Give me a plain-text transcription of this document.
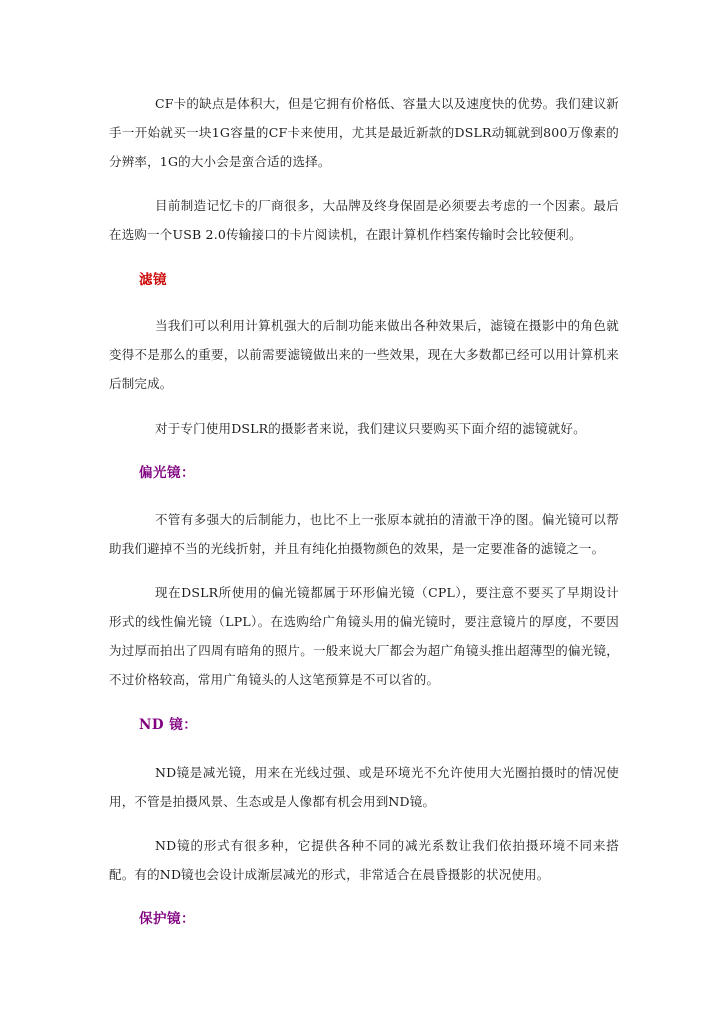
CF卡的缺点是体积大，但是它拥有价格低、容量大以及速度快的优势。我们建议新手一开始就买一块1G容量的CF卡来使用，尤其是最近新款的DSLR动辄就到800万像素的分辨率，1G的大小会是蛮合适的选择。

目前制造记忆卡的厂商很多，大品牌及终身保固是必须要去考虑的一个因素。最后在选购一个USB 2.0传输接口的卡片阅读机，在跟计算机作档案传输时会比较便利。

滤镜

当我们可以利用计算机强大的后制功能来做出各种效果后，滤镜在摄影中的角色就变得不是那么的重要，以前需要滤镜做出来的一些效果，现在大多数都已经可以用计算机来后制完成。

对于专门使用DSLR的摄影者来说，我们建议只要购买下面介绍的滤镜就好。

偏光镜：

不管有多强大的后制能力，也比不上一张原本就拍的清澈干净的图。偏光镜可以帮助我们避掉不当的光线折射，并且有纯化拍摄物颜色的效果，是一定要准备的滤镜之一。

现在DSLR所使用的偏光镜都属于环形偏光镜（CPL），要注意不要买了早期设计形式的线性偏光镜（LPL）。在选购给广角镜头用的偏光镜时，要注意镜片的厚度，不要因为过厚而拍出了四周有暗角的照片。一般来说大厂都会为超广角镜头推出超薄型的偏光镜，不过价格较高，常用广角镜头的人这笔预算是不可以省的。

ND 镜：

ND镜是减光镜，用来在光线过强、或是环境光不允许使用大光圈拍摄时的情况使用，不管是拍摄风景、生态或是人像都有机会用到ND镜。

ND镜的形式有很多种，它提供各种不同的减光系数让我们依拍摄环境不同来搭配。有的ND镜也会设计成渐层减光的形式，非常适合在晨昏摄影的状况使用。

保护镜：
